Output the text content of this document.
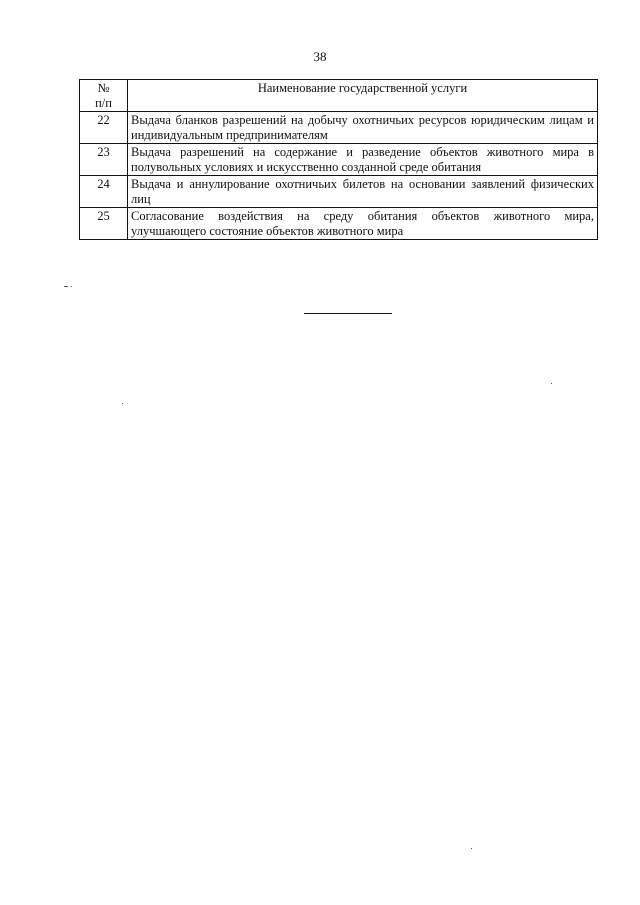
38
№
п/п	Наименование государственной услуги
22	Выдача бланков разрешений на добычу охотничьих ресурсов юридическим лицам и индивидуальным предпринимателям
23	Выдача разрешений на содержание и разведение объектов животного мира в полувольных условиях и искусственно созданной среде обитания
24	Выдача и аннулирование охотничьих билетов на основании заявлений физических лиц
25	Согласование воздействия на среду обитания объектов животного мира, улучшающего состояние объектов животного мира
